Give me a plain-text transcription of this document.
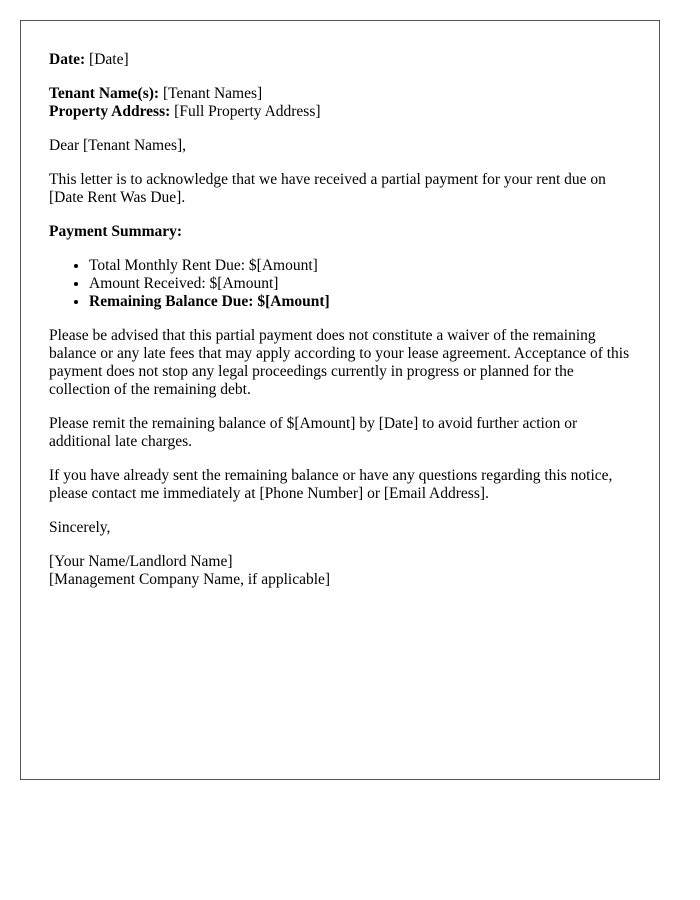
Date: [Date]

Tenant Name(s): [Tenant Names]
Property Address: [Full Property Address]

Dear [Tenant Names],

This letter is to acknowledge that we have received a partial payment for your rent due on [Date Rent Was Due].

Payment Summary:

• Total Monthly Rent Due: $[Amount]
• Amount Received: $[Amount]
• Remaining Balance Due: $[Amount]

Please be advised that this partial payment does not constitute a waiver of the remaining balance or any late fees that may apply according to your lease agreement. Acceptance of this payment does not stop any legal proceedings currently in progress or planned for the collection of the remaining debt.

Please remit the remaining balance of $[Amount] by [Date] to avoid further action or additional late charges.

If you have already sent the remaining balance or have any questions regarding this notice, please contact me immediately at [Phone Number] or [Email Address].

Sincerely,

[Your Name/Landlord Name]
[Management Company Name, if applicable]
